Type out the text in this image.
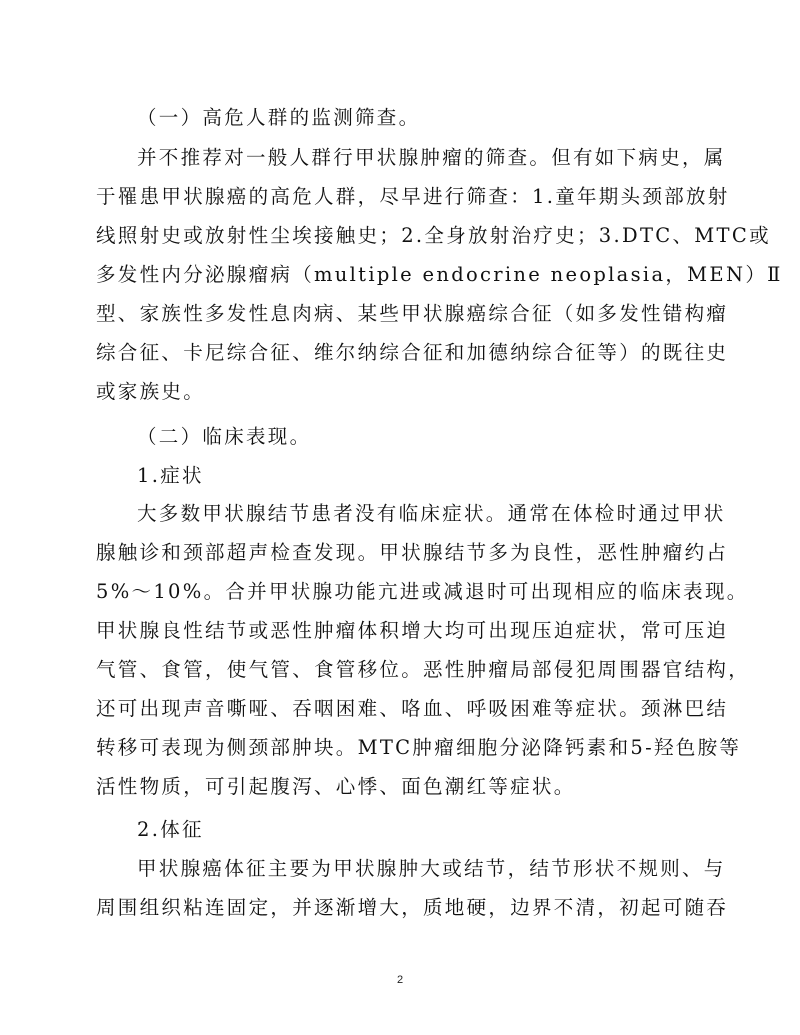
（一）高危人群的监测筛查。
并不推荐对一般人群行甲状腺肿瘤的筛查。但有如下病史，属
于罹患甲状腺癌的高危人群，尽早进行筛查：1.童年期头颈部放射
线照射史或放射性尘埃接触史；2.全身放射治疗史；3.DTC、MTC或
多发性内分泌腺瘤病（multiple endocrine neoplasia，MEN）Ⅱ
型、家族性多发性息肉病、某些甲状腺癌综合征（如多发性错构瘤
综合征、卡尼综合征、维尔纳综合征和加德纳综合征等）的既往史
或家族史。
（二）临床表现。
1.症状
大多数甲状腺结节患者没有临床症状。通常在体检时通过甲状
腺触诊和颈部超声检查发现。甲状腺结节多为良性，恶性肿瘤约占
5%～10%。合并甲状腺功能亢进或减退时可出现相应的临床表现。
甲状腺良性结节或恶性肿瘤体积增大均可出现压迫症状，常可压迫
气管、食管，使气管、食管移位。恶性肿瘤局部侵犯周围器官结构，
还可出现声音嘶哑、吞咽困难、咯血、呼吸困难等症状。颈淋巴结
转移可表现为侧颈部肿块。MTC肿瘤细胞分泌降钙素和5-羟色胺等
活性物质，可引起腹泻、心悸、面色潮红等症状。
2.体征
甲状腺癌体征主要为甲状腺肿大或结节，结节形状不规则、与
周围组织粘连固定，并逐渐增大，质地硬，边界不清，初起可随吞
2
